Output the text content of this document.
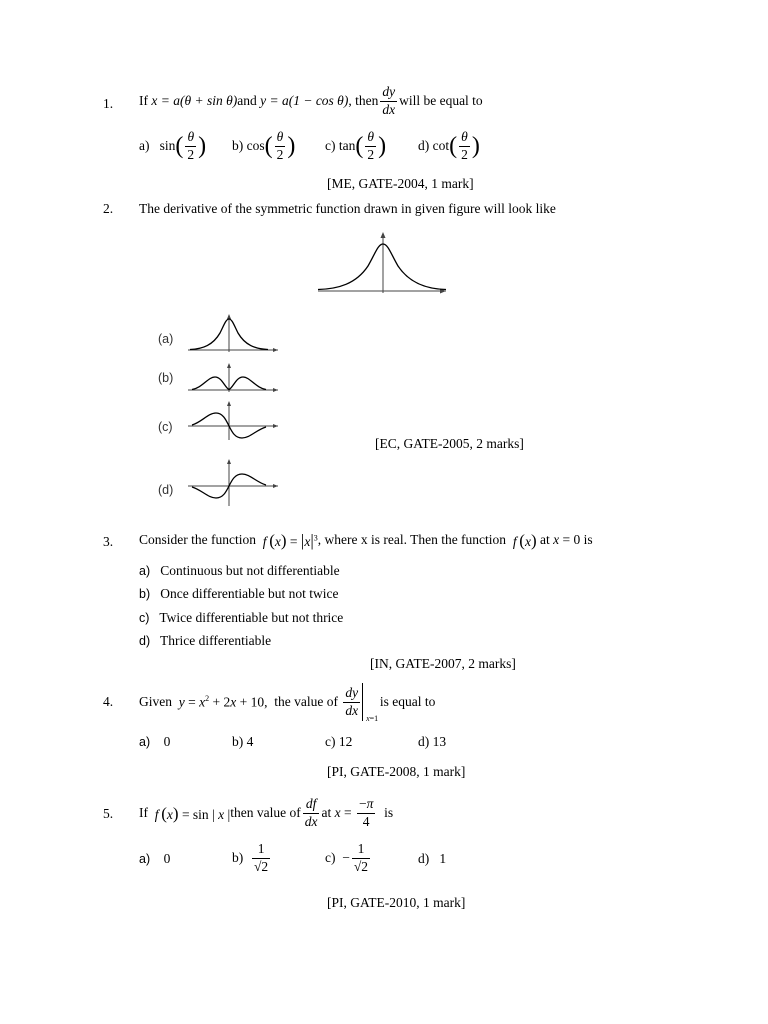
1. If
x = a(θ + sin θ) and
y = a(1 − cos θ) , then $\frac{dy}{dx}$ will be equal to
a)
sin ( $\frac{\theta}{2}$ ) b)
cos ( $\frac{\theta}{2}$ ) c)
tan ( $\frac{\theta}{2}$ ) d)
cot ( $\frac{\theta}{2}$ )
[ME, GATE-2004, 1 mark]
2. The derivative of the symmetric function drawn in given figure will look like
(a)
(b)
(c)
(d)
[EC, GATE-2005, 2 marks]
3. Consider the function
f  $(x) = |x|^3$ , where x is real. Then the function
f  (x)
at x = 0
is
a) Continuous but not differentiable
b) Once differentiable but not twice
c) Twice differentiable but not thrice
d) Thrice differentiable
[IN, GATE-2007, 2 marks]
4. Given
$y = x^2 + 2x + 10$,
the value of
$\frac{dy}{dx}$
x=1

is equal to
a) 0	b) 4	c) 12	d) 13
[PI, GATE-2008, 1 mark]
5. If
f  (x) = sin | x | then value of $\frac{df}{dx}$ at
$x = \frac{-\pi}{4}$
is
a) 0	b)
$\frac{1}{√2}$	$c) - \frac{1}{√2}$	d) 1
[PI, GATE-2010, 1 mark]
